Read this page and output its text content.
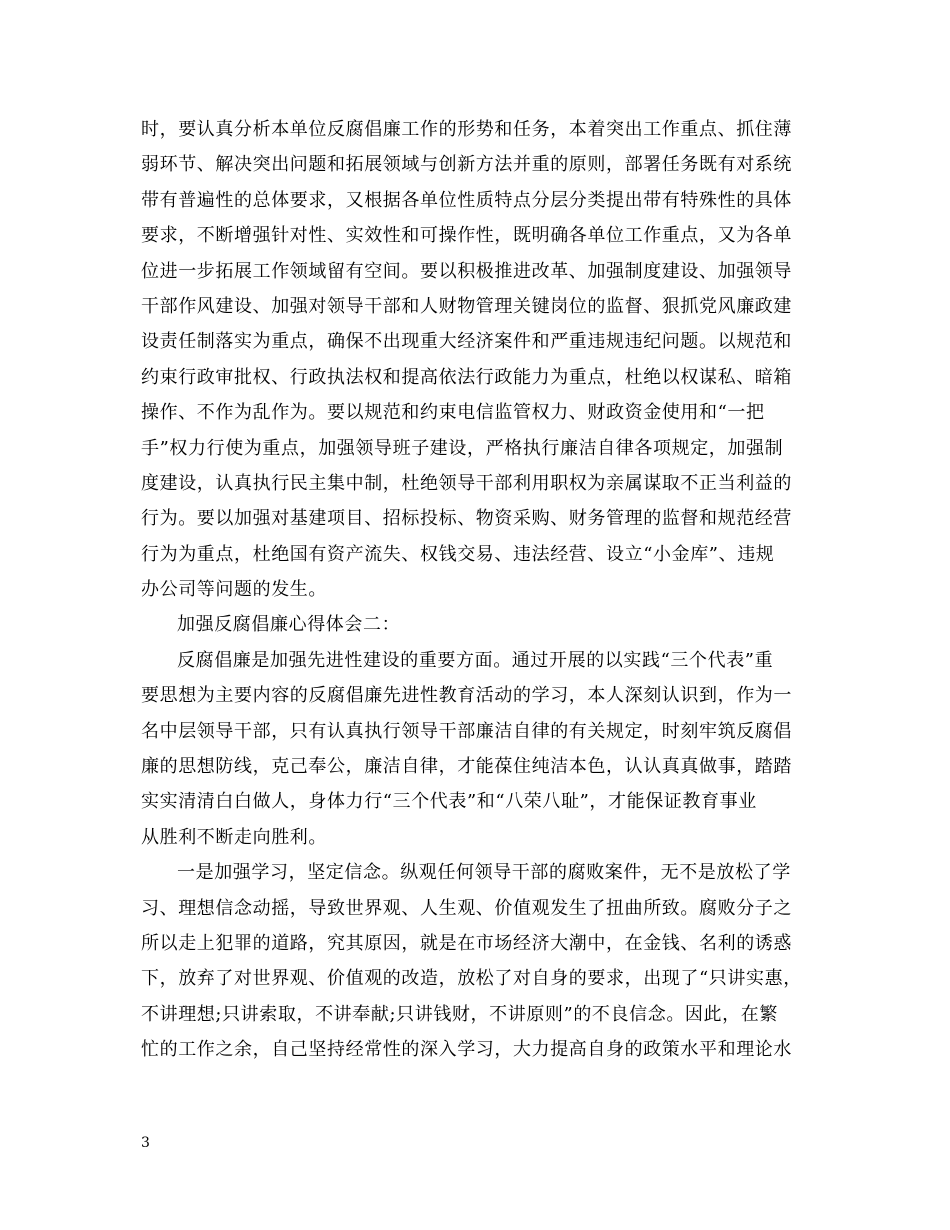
时，要认真分析本单位反腐倡廉工作的形势和任务，本着突出工作重点、抓住薄
弱环节、解决突出问题和拓展领域与创新方法并重的原则，部署任务既有对系统
带有普遍性的总体要求，又根据各单位性质特点分层分类提出带有特殊性的具体
要求，不断增强针对性、实效性和可操作性，既明确各单位工作重点，又为各单
位进一步拓展工作领域留有空间。要以积极推进改革、加强制度建设、加强领导
干部作风建设、加强对领导干部和人财物管理关键岗位的监督、狠抓党风廉政建
设责任制落实为重点，确保不出现重大经济案件和严重违规违纪问题。以规范和
约束行政审批权、行政执法权和提高依法行政能力为重点，杜绝以权谋私、暗箱
操作、不作为乱作为。要以规范和约束电信监管权力、财政资金使用和“一把
手”权力行使为重点，加强领导班子建设，严格执行廉洁自律各项规定，加强制
度建设，认真执行民主集中制，杜绝领导干部利用职权为亲属谋取不正当利益的
行为。要以加强对基建项目、招标投标、物资采购、财务管理的监督和规范经营
行为为重点，杜绝国有资产流失、权钱交易、违法经营、设立“小金库”、违规
办公司等问题的发生。
加强反腐倡廉心得体会二：
反腐倡廉是加强先进性建设的重要方面。通过开展的以实践“三个代表”重
要思想为主要内容的反腐倡廉先进性教育活动的学习，本人深刻认识到，作为一
名中层领导干部，只有认真执行领导干部廉洁自律的有关规定，时刻牢筑反腐倡
廉的思想防线，克己奉公，廉洁自律，才能葆住纯洁本色，认认真真做事，踏踏
实实清清白白做人，身体力行“三个代表”和“八荣八耻”，才能保证教育事业
从胜利不断走向胜利。
一是加强学习，坚定信念。纵观任何领导干部的腐败案件，无不是放松了学
习、理想信念动摇，导致世界观、人生观、价值观发生了扭曲所致。腐败分子之
所以走上犯罪的道路，究其原因，就是在市场经济大潮中，在金钱、名利的诱惑
下，放弃了对世界观、价值观的改造，放松了对自身的要求，出现了“只讲实惠，
不讲理想;只讲索取，不讲奉献;只讲钱财，不讲原则”的不良信念。因此，在繁
忙的工作之余，自己坚持经常性的深入学习，大力提高自身的政策水平和理论水
3
